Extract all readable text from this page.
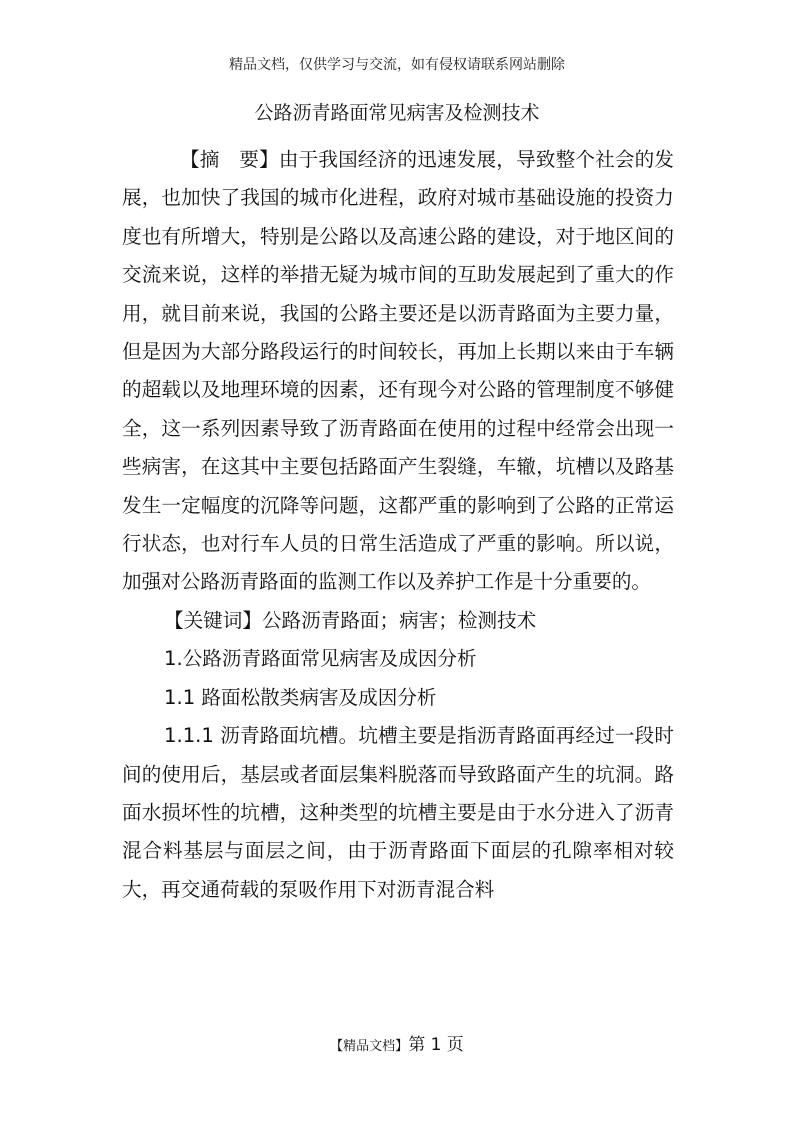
精品文档，仅供学习与交流，如有侵权请联系网站删除
公路沥青路面常见病害及检测技术

【摘　要】由于我国经济的迅速发展，导致整个社会的发展，也加快了我国的城市化进程，政府对城市基础设施的投资力度也有所增大，特别是公路以及高速公路的建设，对于地区间的交流来说，这样的举措无疑为城市间的互助发展起到了重大的作用，就目前来说，我国的公路主要还是以沥青路面为主要力量，但是因为大部分路段运行的时间较长，再加上长期以来由于车辆的超载以及地理环境的因素，还有现今对公路的管理制度不够健全，这一系列因素导致了沥青路面在使用的过程中经常会出现一些病害，在这其中主要包括路面产生裂缝，车辙，坑槽以及路基发生一定幅度的沉降等问题，这都严重的影响到了公路的正常运行状态，也对行车人员的日常生活造成了严重的影响。所以说，加强对公路沥青路面的监测工作以及养护工作是十分重要的。

【关键词】公路沥青路面；病害；检测技术

1.公路沥青路面常见病害及成因分析

1.1 路面松散类病害及成因分析

1.1.1 沥青路面坑槽。坑槽主要是指沥青路面再经过一段时间的使用后，基层或者面层集料脱落而导致路面产生的坑洞。路面水损坏性的坑槽，这种类型的坑槽主要是由于水分进入了沥青混合料基层与面层之间，由于沥青路面下面层的孔隙率相对较大，再交通荷载的泵吸作用下对沥青混合料

【精品文档】第 1 页
